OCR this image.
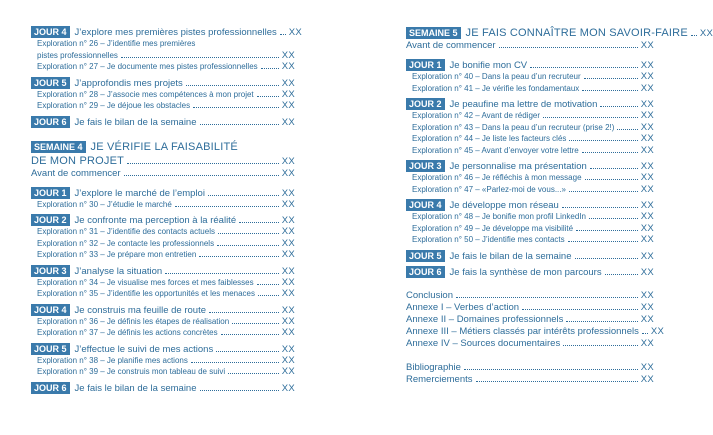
JOUR 4 J’explore mes premières pistes professionnelles XX
Exploration n° 26 – J’identifie mes premières
pistes professionnelles	XX
Exploration n° 27 – Je documente mes pistes professionnelles	XX
JOUR 5 J’approfondis mes projets	XX
Exploration n° 28 – J’associe mes compétences à mon projet	XX
Exploration n° 29 – Je déjoue les obstacles	XX
JOUR 6 Je fais le bilan de la semaine	XX
SEMAINE 4 JE VÉRIFIE LA FAISABILITÉ
DE MON PROJET	XX
Avant de commencer	XX
JOUR 1 J’explore le marché de l’emploi	XX
Exploration n° 30 – J’étudie le marché	XX
JOUR 2 Je confronte ma perception à la réalité	XX
Exploration n° 31 – J’identifie des contacts actuels	XX
Exploration n° 32 – Je contacte les professionnels	XX
Exploration n° 33 – Je prépare mon entretien	XX
JOUR 3 J’analyse la situation	XX
Exploration n° 34 – Je visualise mes forces et mes faiblesses	XX
Exploration n° 35 – J’identifie les opportunités et les menaces	XX
JOUR 4 Je construis ma feuille de route	XX
Exploration n° 36 – Je définis les étapes de réalisation	XX
Exploration n° 37 – Je définis les actions concrètes	XX
JOUR 5 J’effectue le suivi de mes actions	XX
Exploration n° 38 – Je planifie mes actions	XX
Exploration n° 39 – Je construis mon tableau de suivi	XX
JOUR 6 Je fais le bilan de la semaine	XX
SEMAINE 5 JE FAIS CONNAÎTRE MON SAVOIR-FAIRE XX
Avant de commencer	XX
JOUR 1 Je bonifie mon CV	XX
Exploration n° 40 – Dans la peau d’un recruteur	XX
Exploration n° 41 – Je vérifie les fondamentaux	XX
JOUR 2 Je peaufine ma lettre de motivation	XX
Exploration n° 42 – Avant de rédiger	XX
Exploration n° 43 – Dans la peau d’un recruteur (prise 2!)	XX
Exploration n° 44 – Je liste les facteurs clés	XX
Exploration n° 45 – Avant d’envoyer votre lettre	XX
JOUR 3 Je personnalise ma présentation	XX
Exploration n° 46 – Je réfléchis à mon message	XX
Exploration n° 47 – «Parlez-moi de vous...»	XX
JOUR 4 Je développe mon réseau	XX
Exploration n° 48 – Je bonifie mon profil LinkedIn	XX
Exploration n° 49 – Je développe ma visibilité	XX
Exploration n° 50 – J’identifie mes contacts	XX
JOUR 5 Je fais le bilan de la semaine	XX
JOUR 6 Je fais la synthèse de mon parcours	XX
Conclusion	XX
Annexe I – Verbes d’action	XX
Annexe II – Domaines professionnels	XX
Annexe III – Métiers classés par intérêts professionnels XX
Annexe IV – Sources documentaires	XX
Bibliographie	XX
Remerciements	XX
